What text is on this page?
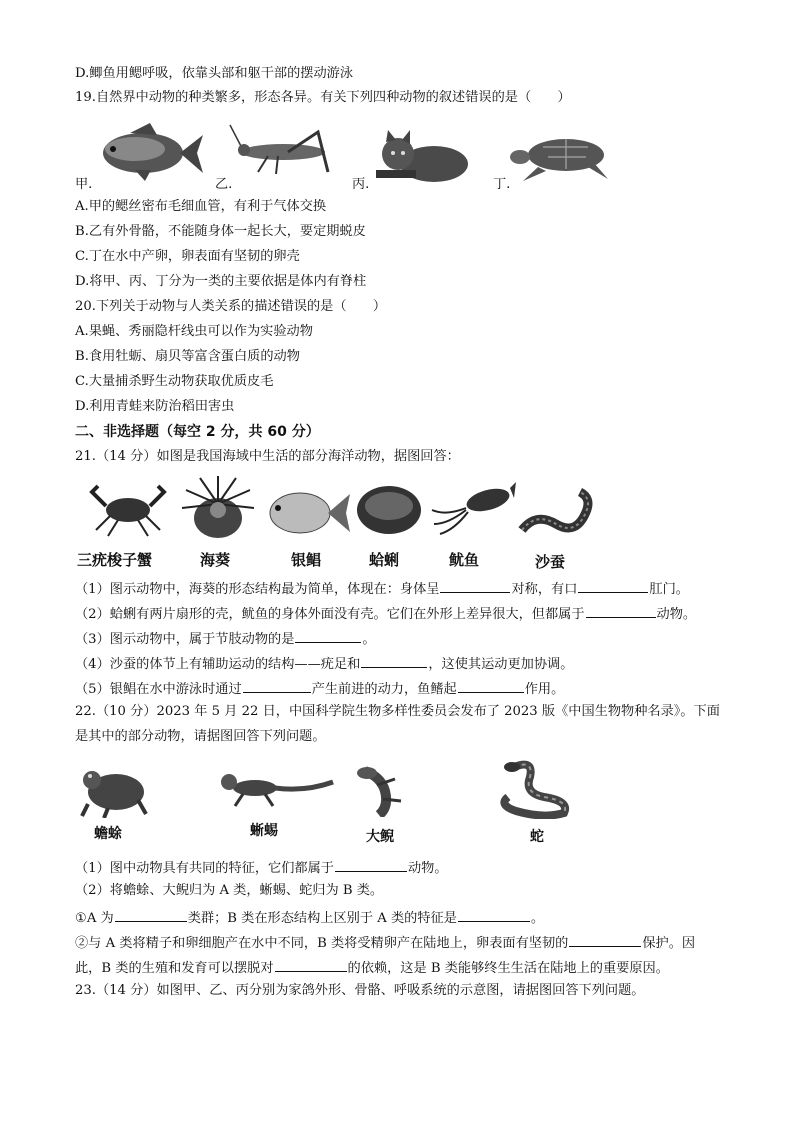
D.鲫鱼用鳃呼吸，依靠头部和躯干部的摆动游泳
19.自然界中动物的种类繁多，形态各异。有关下列四种动物的叙述错误的是（　　）
甲.	乙.	丙.	丁.
A.甲的鳃丝密布毛细血管，有利于气体交换
B.乙有外骨骼，不能随身体一起长大，要定期蜕皮
C.丁在水中产卵，卵表面有坚韧的卵壳
D.将甲、丙、丁分为一类的主要依据是体内有脊柱
20.下列关于动物与人类关系的描述错误的是（　　）
A.果蝇、秀丽隐杆线虫可以作为实验动物
B.食用牡蛎、扇贝等富含蛋白质的动物
C.大量捕杀野生动物获取优质皮毛
D.利用青蛙来防治稻田害虫
二、非选择题（每空 2 分，共 60 分）
21.（14 分）如图是我国海域中生活的部分海洋动物，据图回答：
三疣梭子蟹	海葵	银鲳	蛤蜊	鱿鱼	沙蚕
（1）图示动物中，海葵的形态结构最为简单，体现在：身体呈	对称，有口	肛门。
（2）蛤蜊有两片扇形的壳，鱿鱼的身体外面没有壳。它们在外形上差异很大，但都属于	动物。
（3）图示动物中，属于节肢动物的是	。
（4）沙蚕的体节上有辅助运动的结构——疣足和	，这使其运动更加协调。
（5）银鲳在水中游泳时通过	产生前进的动力，鱼鳍起	作用。
22.（10 分）2023 年 5 月 22 日，中国科学院生物多样性委员会发布了 2023 版《中国生物物种名录》。下面
是其中的部分动物，请据图回答下列问题。
蟾蜍	蜥蜴	大鲵	蛇
（1）图中动物具有共同的特征，它们都属于	动物。
（2）将蟾蜍、大鲵归为 A 类，蜥蜴、蛇归为 B 类。
①A 为	类群；B 类在形态结构上区别于 A 类的特征是	。
②与 A 类将精子和卵细胞产在水中不同，B 类将受精卵产在陆地上，卵表面有坚韧的	保护。因
此，B 类的生殖和发育可以摆脱对	的依赖，这是 B 类能够终生生活在陆地上的重要原因。
23.（14 分）如图甲、乙、丙分别为家鸽外形、骨骼、呼吸系统的示意图，请据图回答下列问题。
